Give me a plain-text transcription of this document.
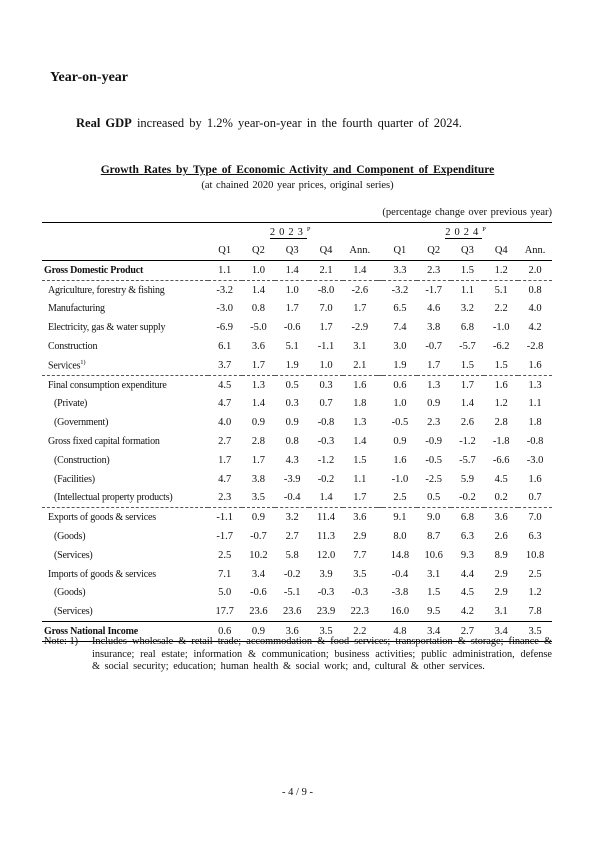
Year-on-year
Real GDP increased by 1.2% year-on-year in the fourth quarter of 2024.
Growth Rates by Type of Economic Activity and Component of Expenditure
(at chained 2020 year prices, original series)
(percentage change over previous year)
	$2023^P$						$2024^P$
	Q1	Q2	Q3	Q4	Ann.		Q1	Q2	Q3	Q4	Ann.
Gross Domestic Product	1.1	1.0	1.4	2.1	1.4		3.3	2.3	1.5	1.2	2.0
Agriculture, forestry & fishing	-3.2	1.4	1.0	-8.0	-2.6		-3.2	-1.7	1.1	5.1	0.8
Manufacturing	-3.0	0.8	1.7	7.0	1.7		6.5	4.6	3.2	2.2	4.0
Electricity, gas & water supply	-6.9	-5.0	-0.6	1.7	-2.9		7.4	3.8	6.8	-1.0	4.2
Construction	6.1	3.6	5.1	-1.1	3.1		3.0	-0.7	-5.7	-6.2	-2.8
Services$^{1)}$	3.7	1.7	1.9	1.0	2.1		1.9	1.7	1.5	1.5	1.6
Final consumption expenditure	4.5	1.3	0.5	0.3	1.6		0.6	1.3	1.7	1.6	1.3
(Private)	4.7	1.4	0.3	0.7	1.8		1.0	0.9	1.4	1.2	1.1
(Government)	4.0	0.9	0.9	-0.8	1.3		-0.5	2.3	2.6	2.8	1.8
Gross fixed capital formation	2.7	2.8	0.8	-0.3	1.4		0.9	-0.9	-1.2	-1.8	-0.8
(Construction)	1.7	1.7	4.3	-1.2	1.5		1.6	-0.5	-5.7	-6.6	-3.0
(Facilities)	4.7	3.8	-3.9	-0.2	1.1		-1.0	-2.5	5.9	4.5	1.6
(Intellectual property products)	2.3	3.5	-0.4	1.4	1.7		2.5	0.5	-0.2	0.2	0.7
Exports of goods & services	-1.1	0.9	3.2	11.4	3.6		9.1	9.0	6.8	3.6	7.0
(Goods)	-1.7	-0.7	2.7	11.3	2.9		8.0	8.7	6.3	2.6	6.3
(Services)	2.5	10.2	5.8	12.0	7.7		14.8	10.6	9.3	8.9	10.8
Imports of goods & services	7.1	3.4	-0.2	3.9	3.5		-0.4	3.1	4.4	2.9	2.5
(Goods)	5.0	-0.6	-5.1	-0.3	-0.3		-3.8	1.5	4.5	2.9	1.2
(Services)	17.7	23.6	23.6	23.9	22.3		16.0	9.5	4.2	3.1	7.8
Gross National Income	0.6	0.9	3.6	3.5	2.2		4.8	3.4	2.7	3.4	3.5
Note: 1) Includes wholesale & retail trade; accommodation & food services; transportation & storage; finance & insurance; real estate; information & communication; business activities; public administration, defense & social security; education; human health & social work; and, cultural & other services.
- 4 / 9 -
